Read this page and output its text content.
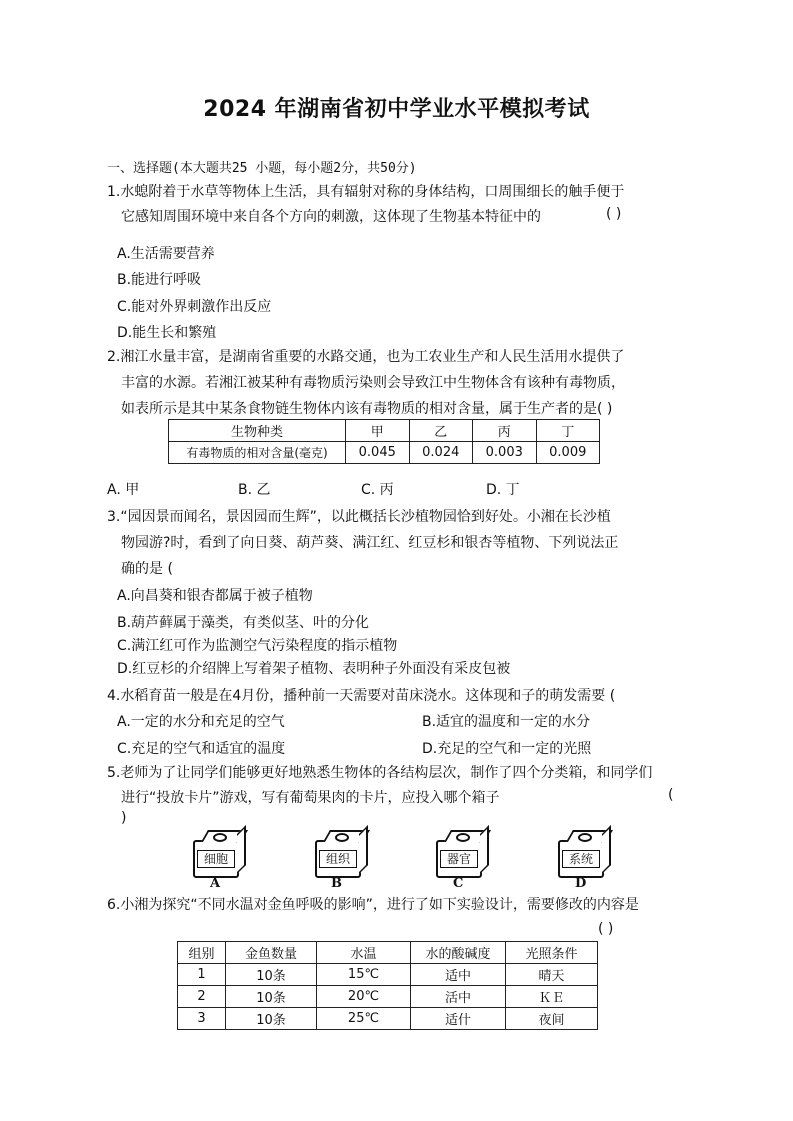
2024 年湖南省初中学业水平模拟考试
一、选择题(本大题共25 小题，每小题2分，共50分)
1.水螅附着于水草等物体上生活，具有辐射对称的身体结构，口周围细长的触手便于
它感知周围环境中来自各个方向的刺激，这体现了生物基本特征中的	( )
A.生活需要营养
B.能进行呼吸
C.能对外界刺激作出反应
D.能生长和繁殖
2.湘江水量丰富，是湖南省重要的水路交通，也为工农业生产和人民生活用水提供了
丰富的水源。若湘江被某种有毒物质污染则会导致江中生物体含有该种有毒物质，
如表所示是其中某条食物链生物体内该有毒物质的相对含量，属于生产者的是( )
生物种类	甲	乙	丙	丁
有毒物质的相对含量(毫克)	0.045	0.024	0.003	0.009
A. 甲	B. 乙	C. 丙	D. 丁
3.“园因景而闻名，景因园而生辉”，以此概括长沙植物园恰到好处。小湘在长沙植
物园游?时，看到了向日葵、葫芦葵、满江红、红豆杉和银杏等植物、下列说法正
确的是 (
A.向昌葵和银杏都属于被子植物
B.葫芦藓属于藻类，有类似茎、叶的分化
C.满江红可作为监测空气污染程度的指示植物
D.红豆杉的介绍牌上写着架子植物、表明种子外面没有采皮包被
4.水稻育苗一般是在4月份，播种前一天需要对苗床浇水。这体现和子的萌发需要 (
A.一定的水分和充足的空气	B.适宜的温度和一定的水分
C.充足的空气和适宜的温度	D.充足的空气和一定的光照
5.老师为了让同学们能够更好地熟悉生物体的各结构层次，制作了四个分类箱，和同学们
进行“投放卡片”游戏，写有葡萄果肉的卡片，应投入哪个箱子	(
)
细胞
A
组织
B
器官
C
系统
D
6.小湘为探究“不同水温对金鱼呼吸的影响”，进行了如下实验设计，需要修改的内容是
( )
组别	金鱼数量	水温	水的酸碱度	光照条件
1	10条	15℃	适中	晴天
2	10条	20℃	活中	ＫＥ
3	10条	25℃	适什	夜间
